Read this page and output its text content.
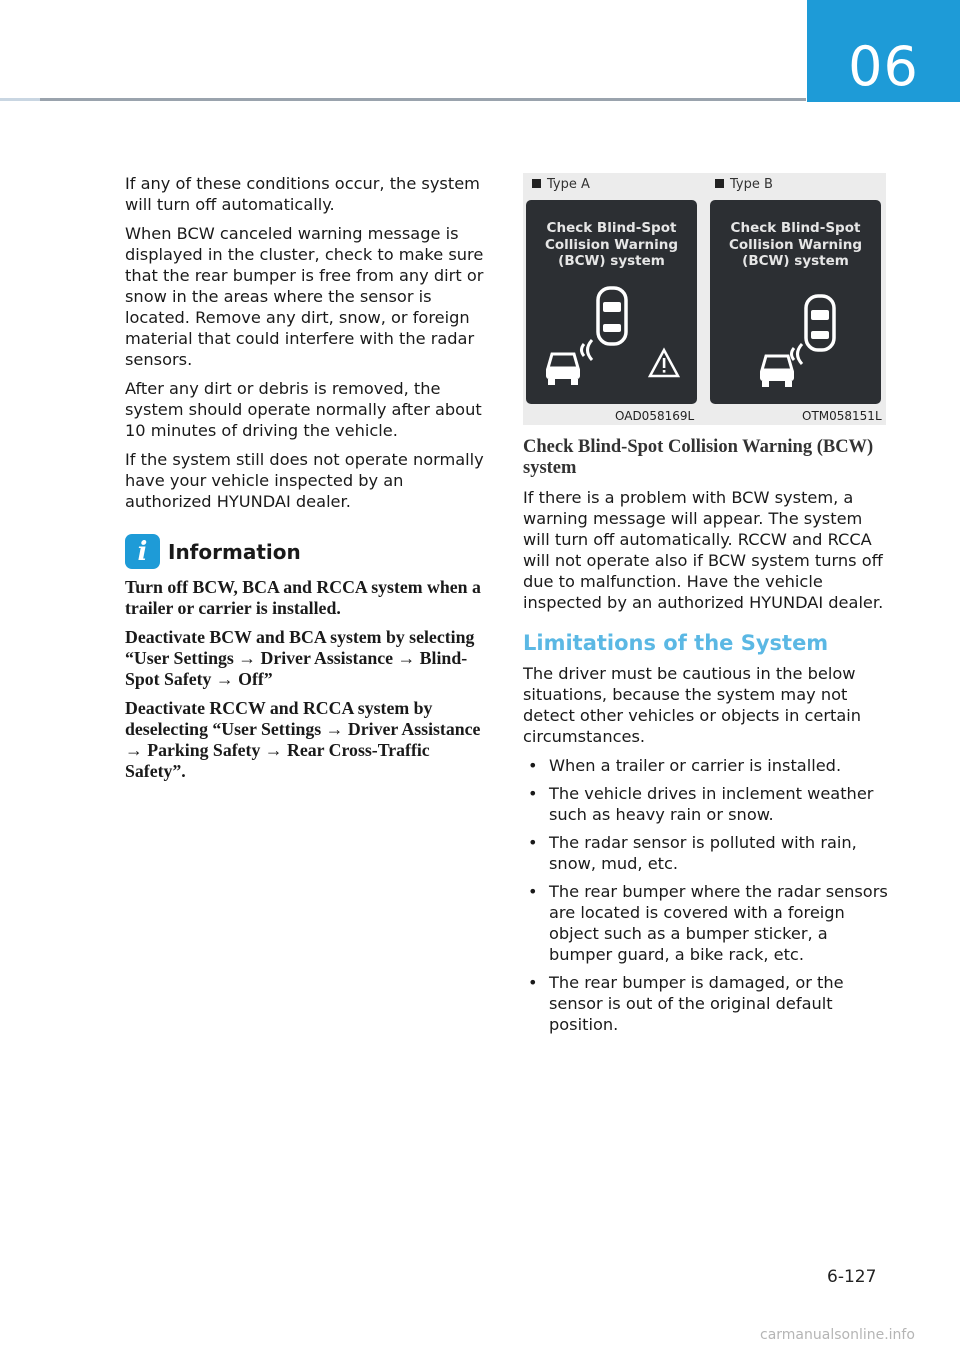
06

If any of these conditions occur, the system will turn off automatically.

When BCW canceled warning message is displayed in the cluster, check to make sure that the rear bumper is free from any dirt or snow in the areas where the sensor is located. Remove any dirt, snow, or foreign material that could interfere with the radar sensors.

After any dirt or debris is removed, the system should operate normally after about 10 minutes of driving the vehicle.

If the system still does not operate normally have your vehicle inspected by an authorized HYUNDAI dealer.

i	Information

Turn off BCW, BCA and RCCA system when a trailer or carrier is installed.

Deactivate BCW and BCA system by selecting “User Settings → Driver Assistance → Blind-Spot Safety → Off”

Deactivate RCCW and RCCA system by deselecting “User Settings → Driver Assistance → Parking Safety → Rear Cross-Traffic Safety”.

Type A	Type B
Check Blind-Spot
Collision Warning
(BCW) system
Check Blind-Spot
Collision Warning
(BCW) system
OAD058169L	OTM058151L
Check Blind-Spot Collision Warning (BCW) system

If there is a problem with BCW system, a warning message will appear. The system will turn off automatically. RCCW and RCCA will not operate also if BCW system turns off due to malfunction. Have the vehicle inspected by an authorized HYUNDAI dealer.

Limitations of the System

The driver must be cautious in the below situations, because the system may not detect other vehicles or objects in certain circumstances.

• When a trailer or carrier is installed.
• The vehicle drives in inclement weather such as heavy rain or snow.
• The radar sensor is polluted with rain, snow, mud, etc.
• The rear bumper where the radar sensors are located is covered with a foreign object such as a bumper sticker, a bumper guard, a bike rack, etc.
• The rear bumper is damaged, or the sensor is out of the original default position.
6-127
carmanualsonline.info
